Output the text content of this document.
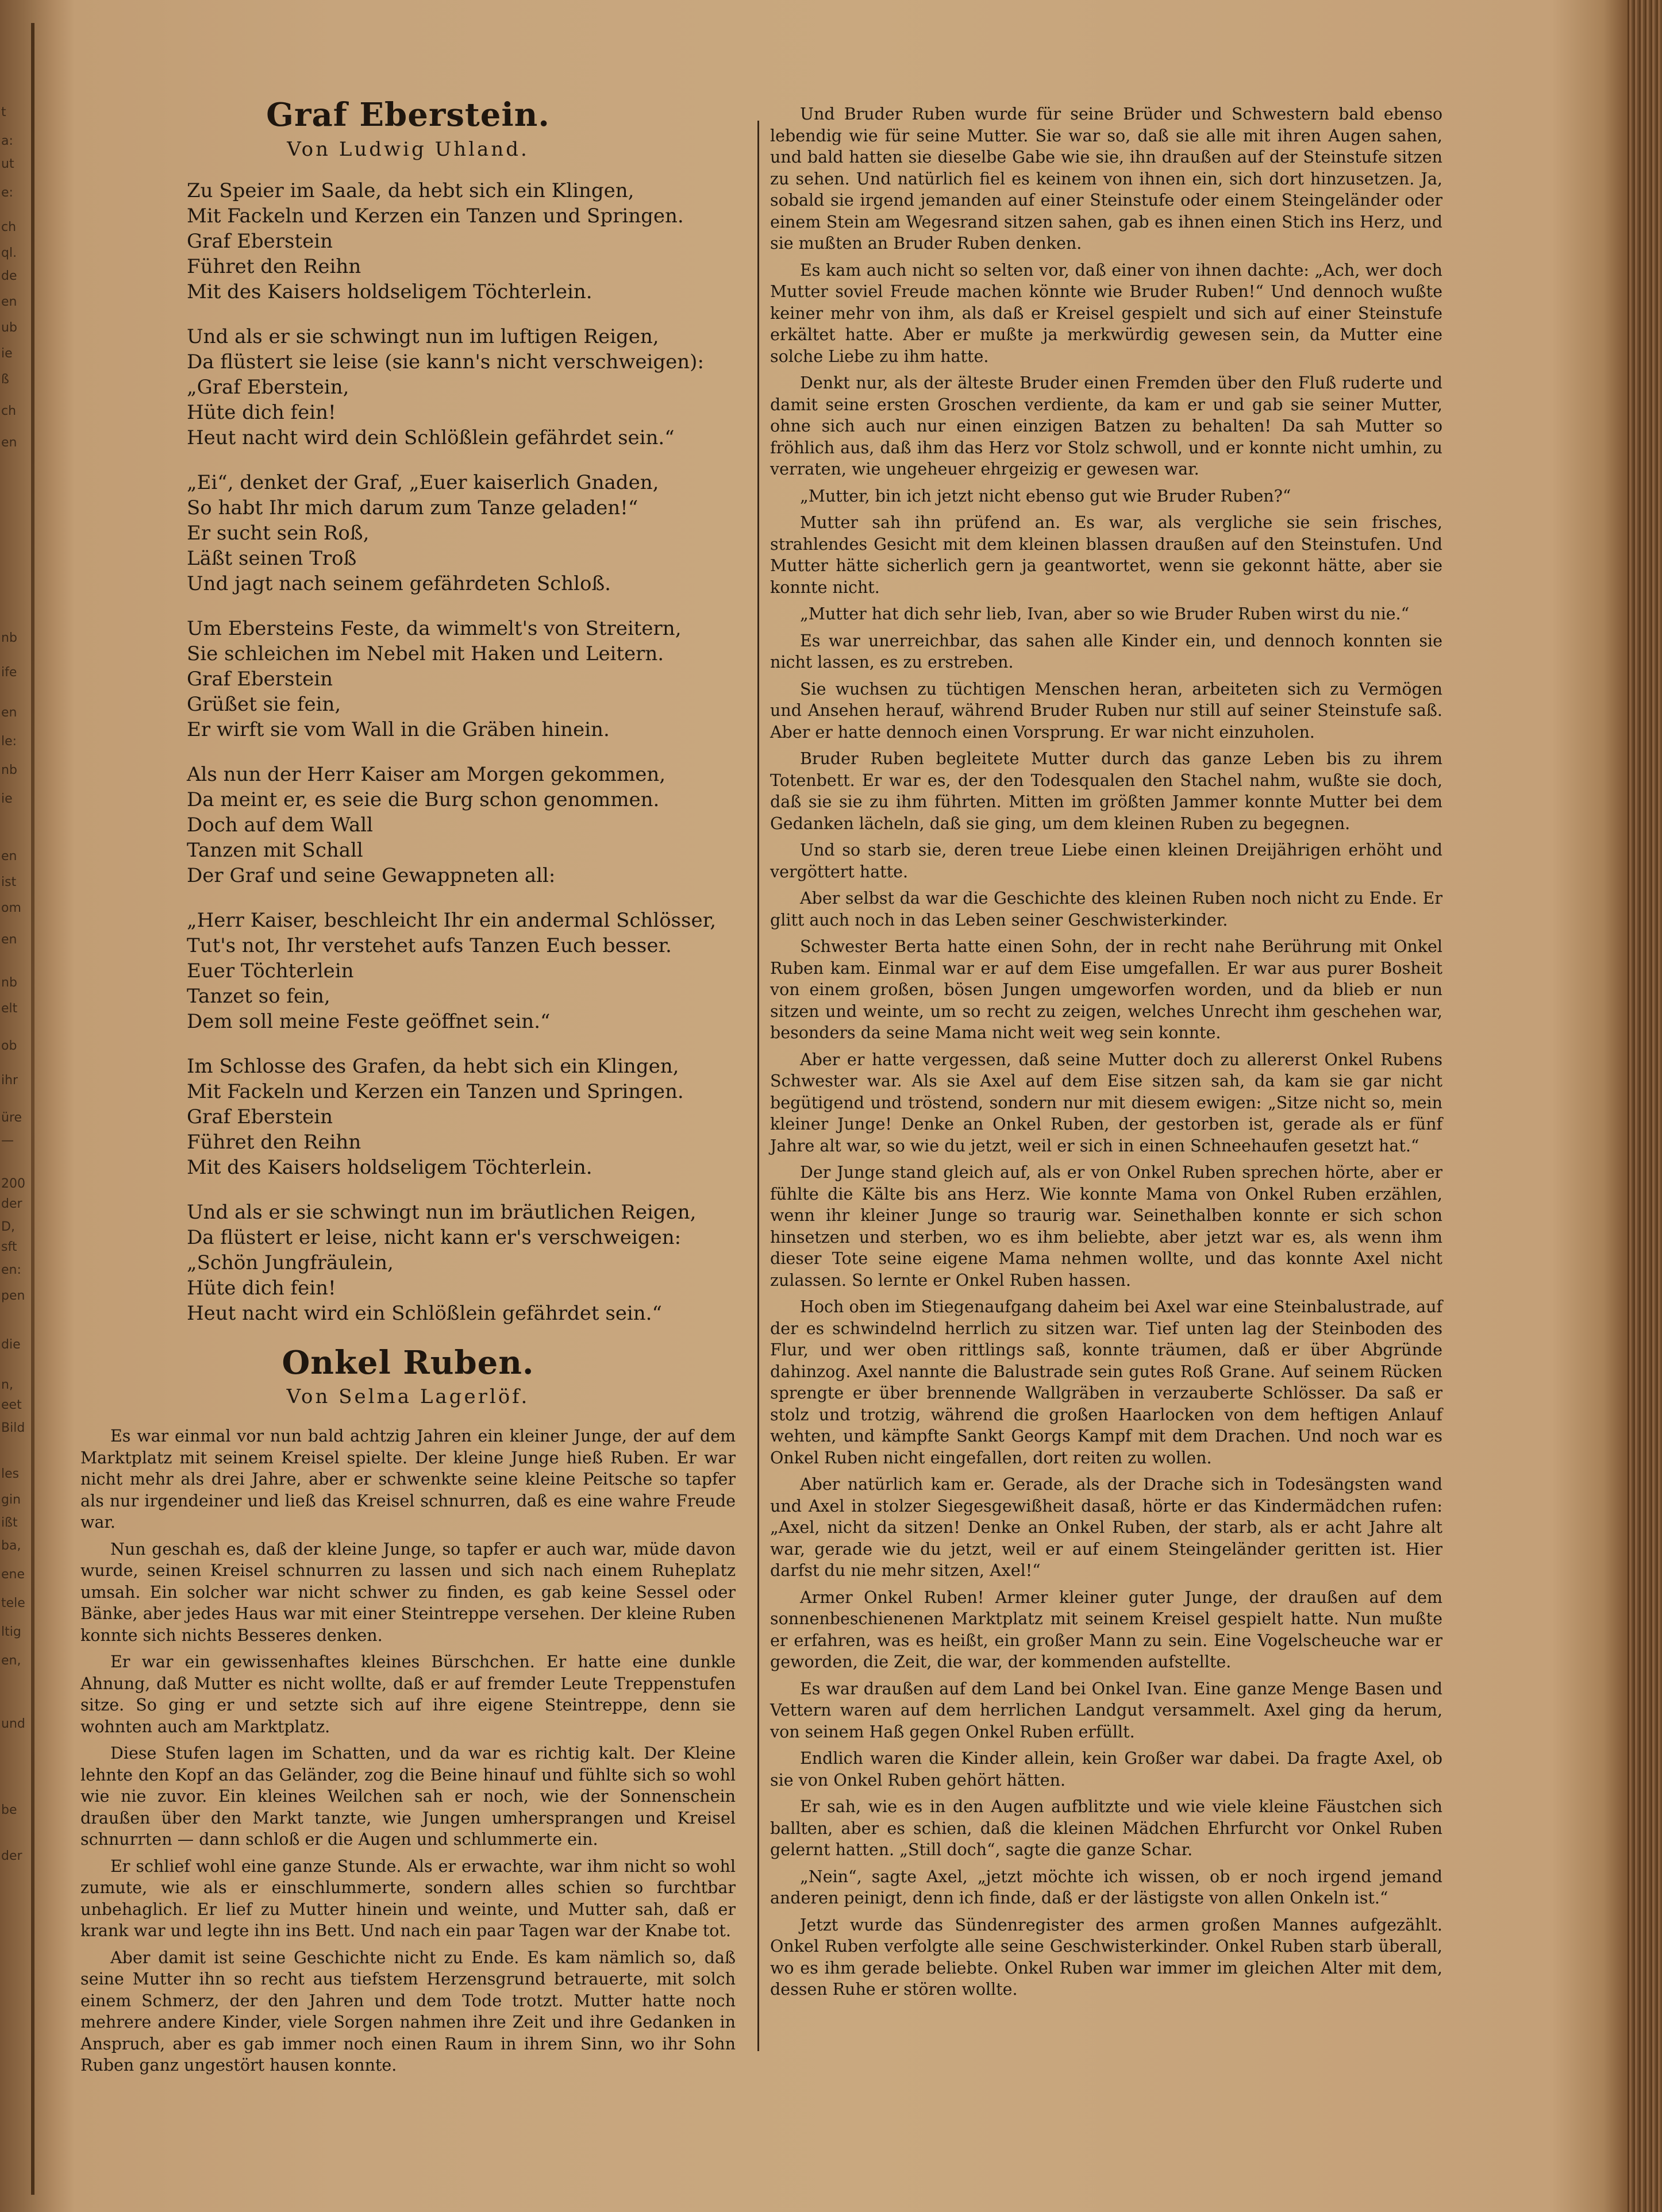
t
a:
ut
e:
ch
ql.
de
en
ub
ie
ß
ch
en
nb
ife
en
le:
nb
ie
en
ist
om
en
nb
elt
ob
ihr
üre
—
200
der
D,
sft
en:
pen
die
n,
eet
Bild
les
gin
ißt
ba,
ene
tele
ltig
en,
und
be
der
Graf Eberstein.
Von Ludwig Uhland.
Zu Speier im Saale, da hebt sich ein Klingen,
Mit Fackeln und Kerzen ein Tanzen und Springen.
Graf Eberstein
Führet den Reihn
Mit des Kaisers holdseligem Töchterlein.
Und als er sie schwingt nun im luftigen Reigen,
Da flüstert sie leise (sie kann's nicht verschweigen):
„Graf Eberstein,
Hüte dich fein!
Heut nacht wird dein Schlößlein gefährdet sein.“
„Ei“, denket der Graf, „Euer kaiserlich Gnaden,
So habt Ihr mich darum zum Tanze geladen!“
Er sucht sein Roß,
Läßt seinen Troß
Und jagt nach seinem gefährdeten Schloß.
Um Ebersteins Feste, da wimmelt's von Streitern,
Sie schleichen im Nebel mit Haken und Leitern.
Graf Eberstein
Grüßet sie fein,
Er wirft sie vom Wall in die Gräben hinein.
Als nun der Herr Kaiser am Morgen gekommen,
Da meint er, es seie die Burg schon genommen.
Doch auf dem Wall
Tanzen mit Schall
Der Graf und seine Gewappneten all:
„Herr Kaiser, beschleicht Ihr ein andermal Schlösser,
Tut's not, Ihr verstehet aufs Tanzen Euch besser.
Euer Töchterlein
Tanzet so fein,
Dem soll meine Feste geöffnet sein.“
Im Schlosse des Grafen, da hebt sich ein Klingen,
Mit Fackeln und Kerzen ein Tanzen und Springen.
Graf Eberstein
Führet den Reihn
Mit des Kaisers holdseligem Töchterlein.
Und als er sie schwingt nun im bräutlichen Reigen,
Da flüstert er leise, nicht kann er's verschweigen:
„Schön Jungfräulein,
Hüte dich fein!
Heut nacht wird ein Schlößlein gefährdet sein.“
Onkel Ruben.
Von Selma Lagerlöf.

Es war einmal vor nun bald achtzig Jahren ein kleiner Junge, der auf dem Marktplatz mit seinem Kreisel spielte. Der kleine Junge hieß Ruben. Er war nicht mehr als drei Jahre, aber er schwenkte seine kleine Peitsche so tapfer als nur irgendeiner und ließ das Kreisel schnurren, daß es eine wahre Freude war.

Nun geschah es, daß der kleine Junge, so tapfer er auch war, müde davon wurde, seinen Kreisel schnurren zu lassen und sich nach einem Ruheplatz umsah. Ein solcher war nicht schwer zu finden, es gab keine Sessel oder Bänke, aber jedes Haus war mit einer Steintreppe versehen. Der kleine Ruben konnte sich nichts Besseres denken.

Er war ein gewissenhaftes kleines Bürschchen. Er hatte eine dunkle Ahnung, daß Mutter es nicht wollte, daß er auf fremder Leute Treppenstufen sitze. So ging er und setzte sich auf ihre eigene Steintreppe, denn sie wohnten auch am Marktplatz.

Diese Stufen lagen im Schatten, und da war es richtig kalt. Der Kleine lehnte den Kopf an das Geländer, zog die Beine hinauf und fühlte sich so wohl wie nie zuvor. Ein kleines Weilchen sah er noch, wie der Sonnenschein draußen über den Markt tanzte, wie Jungen umhersprangen und Kreisel schnurrten — dann schloß er die Augen und schlummerte ein.

Er schlief wohl eine ganze Stunde. Als er erwachte, war ihm nicht so wohl zumute, wie als er einschlummerte, sondern alles schien so furchtbar unbehaglich. Er lief zu Mutter hinein und weinte, und Mutter sah, daß er krank war und legte ihn ins Bett. Und nach ein paar Tagen war der Knabe tot.

Aber damit ist seine Geschichte nicht zu Ende. Es kam nämlich so, daß seine Mutter ihn so recht aus tiefstem Herzensgrund betrauerte, mit solch einem Schmerz, der den Jahren und dem Tode trotzt. Mutter hatte noch mehrere andere Kinder, viele Sorgen nahmen ihre Zeit und ihre Gedanken in Anspruch, aber es gab immer noch einen Raum in ihrem Sinn, wo ihr Sohn Ruben ganz ungestört hausen konnte.

Und Bruder Ruben wurde für seine Brüder und Schwestern bald ebenso lebendig wie für seine Mutter. Sie war so, daß sie alle mit ihren Augen sahen, und bald hatten sie dieselbe Gabe wie sie, ihn draußen auf der Steinstufe sitzen zu sehen. Und natürlich fiel es keinem von ihnen ein, sich dort hinzusetzen. Ja, sobald sie irgend jemanden auf einer Steinstufe oder einem Steingeländer oder einem Stein am Wegesrand sitzen sahen, gab es ihnen einen Stich ins Herz, und sie mußten an Bruder Ruben denken.

Es kam auch nicht so selten vor, daß einer von ihnen dachte: „Ach, wer doch Mutter soviel Freude machen könnte wie Bruder Ruben!“ Und dennoch wußte keiner mehr von ihm, als daß er Kreisel gespielt und sich auf einer Steinstufe erkältet hatte. Aber er mußte ja merkwürdig gewesen sein, da Mutter eine solche Liebe zu ihm hatte.

Denkt nur, als der älteste Bruder einen Fremden über den Fluß ruderte und damit seine ersten Groschen verdiente, da kam er und gab sie seiner Mutter, ohne sich auch nur einen einzigen Batzen zu behalten! Da sah Mutter so fröhlich aus, daß ihm das Herz vor Stolz schwoll, und er konnte nicht umhin, zu verraten, wie ungeheuer ehrgeizig er gewesen war.

„Mutter, bin ich jetzt nicht ebenso gut wie Bruder Ruben?“

Mutter sah ihn prüfend an. Es war, als vergliche sie sein frisches, strahlendes Gesicht mit dem kleinen blassen draußen auf den Steinstufen. Und Mutter hätte sicherlich gern ja geantwortet, wenn sie gekonnt hätte, aber sie konnte nicht.

„Mutter hat dich sehr lieb, Ivan, aber so wie Bruder Ruben wirst du nie.“

Es war unerreichbar, das sahen alle Kinder ein, und dennoch konnten sie nicht lassen, es zu erstreben.

Sie wuchsen zu tüchtigen Menschen heran, arbeiteten sich zu Vermögen und Ansehen herauf, während Bruder Ruben nur still auf seiner Steinstufe saß. Aber er hatte dennoch einen Vorsprung. Er war nicht einzuholen.

Bruder Ruben begleitete Mutter durch das ganze Leben bis zu ihrem Totenbett. Er war es, der den Todesqualen den Stachel nahm, wußte sie doch, daß sie sie zu ihm führten. Mitten im größten Jammer konnte Mutter bei dem Gedanken lächeln, daß sie ging, um dem kleinen Ruben zu begegnen.

Und so starb sie, deren treue Liebe einen kleinen Dreijährigen erhöht und vergöttert hatte.

Aber selbst da war die Geschichte des kleinen Ruben noch nicht zu Ende. Er glitt auch noch in das Leben seiner Geschwisterkinder.

Schwester Berta hatte einen Sohn, der in recht nahe Berührung mit Onkel Ruben kam. Einmal war er auf dem Eise umgefallen. Er war aus purer Bosheit von einem großen, bösen Jungen umgeworfen worden, und da blieb er nun sitzen und weinte, um so recht zu zeigen, welches Unrecht ihm geschehen war, besonders da seine Mama nicht weit weg sein konnte.

Aber er hatte vergessen, daß seine Mutter doch zu allererst Onkel Rubens Schwester war. Als sie Axel auf dem Eise sitzen sah, da kam sie gar nicht begütigend und tröstend, sondern nur mit diesem ewigen: „Sitze nicht so, mein kleiner Junge! Denke an Onkel Ruben, der gestorben ist, gerade als er fünf Jahre alt war, so wie du jetzt, weil er sich in einen Schneehaufen gesetzt hat.“

Der Junge stand gleich auf, als er von Onkel Ruben sprechen hörte, aber er fühlte die Kälte bis ans Herz. Wie konnte Mama von Onkel Ruben erzählen, wenn ihr kleiner Junge so traurig war. Seinethalben konnte er sich schon hinsetzen und sterben, wo es ihm beliebte, aber jetzt war es, als wenn ihm dieser Tote seine eigene Mama nehmen wollte, und das konnte Axel nicht zulassen. So lernte er Onkel Ruben hassen.

Hoch oben im Stiegenaufgang daheim bei Axel war eine Steinbalustrade, auf der es schwindelnd herrlich zu sitzen war. Tief unten lag der Steinboden des Flur, und wer oben rittlings saß, konnte träumen, daß er über Abgründe dahinzog. Axel nannte die Balustrade sein gutes Roß Grane. Auf seinem Rücken sprengte er über brennende Wallgräben in verzauberte Schlösser. Da saß er stolz und trotzig, während die großen Haarlocken von dem heftigen Anlauf wehten, und kämpfte Sankt Georgs Kampf mit dem Drachen. Und noch war es Onkel Ruben nicht eingefallen, dort reiten zu wollen.

Aber natürlich kam er. Gerade, als der Drache sich in Todesängsten wand und Axel in stolzer Siegesgewißheit dasaß, hörte er das Kindermädchen rufen: „Axel, nicht da sitzen! Denke an Onkel Ruben, der starb, als er acht Jahre alt war, gerade wie du jetzt, weil er auf einem Steingeländer geritten ist. Hier darfst du nie mehr sitzen, Axel!“

Armer Onkel Ruben! Armer kleiner guter Junge, der draußen auf dem sonnenbeschienenen Marktplatz mit seinem Kreisel gespielt hatte. Nun mußte er erfahren, was es heißt, ein großer Mann zu sein. Eine Vogelscheuche war er geworden, die Zeit, die war, der kommenden aufstellte.

Es war draußen auf dem Land bei Onkel Ivan. Eine ganze Menge Basen und Vettern waren auf dem herrlichen Landgut versammelt. Axel ging da herum, von seinem Haß gegen Onkel Ruben erfüllt.

Endlich waren die Kinder allein, kein Großer war dabei. Da fragte Axel, ob sie von Onkel Ruben gehört hätten.

Er sah, wie es in den Augen aufblitzte und wie viele kleine Fäustchen sich ballten, aber es schien, daß die kleinen Mädchen Ehrfurcht vor Onkel Ruben gelernt hatten. „Still doch“, sagte die ganze Schar.

„Nein“, sagte Axel, „jetzt möchte ich wissen, ob er noch irgend jemand anderen peinigt, denn ich finde, daß er der lästigste von allen Onkeln ist.“

Jetzt wurde das Sündenregister des armen großen Mannes aufgezählt. Onkel Ruben verfolgte alle seine Geschwisterkinder. Onkel Ruben starb überall, wo es ihm gerade beliebte. Onkel Ruben war immer im gleichen Alter mit dem, dessen Ruhe er stören wollte.
